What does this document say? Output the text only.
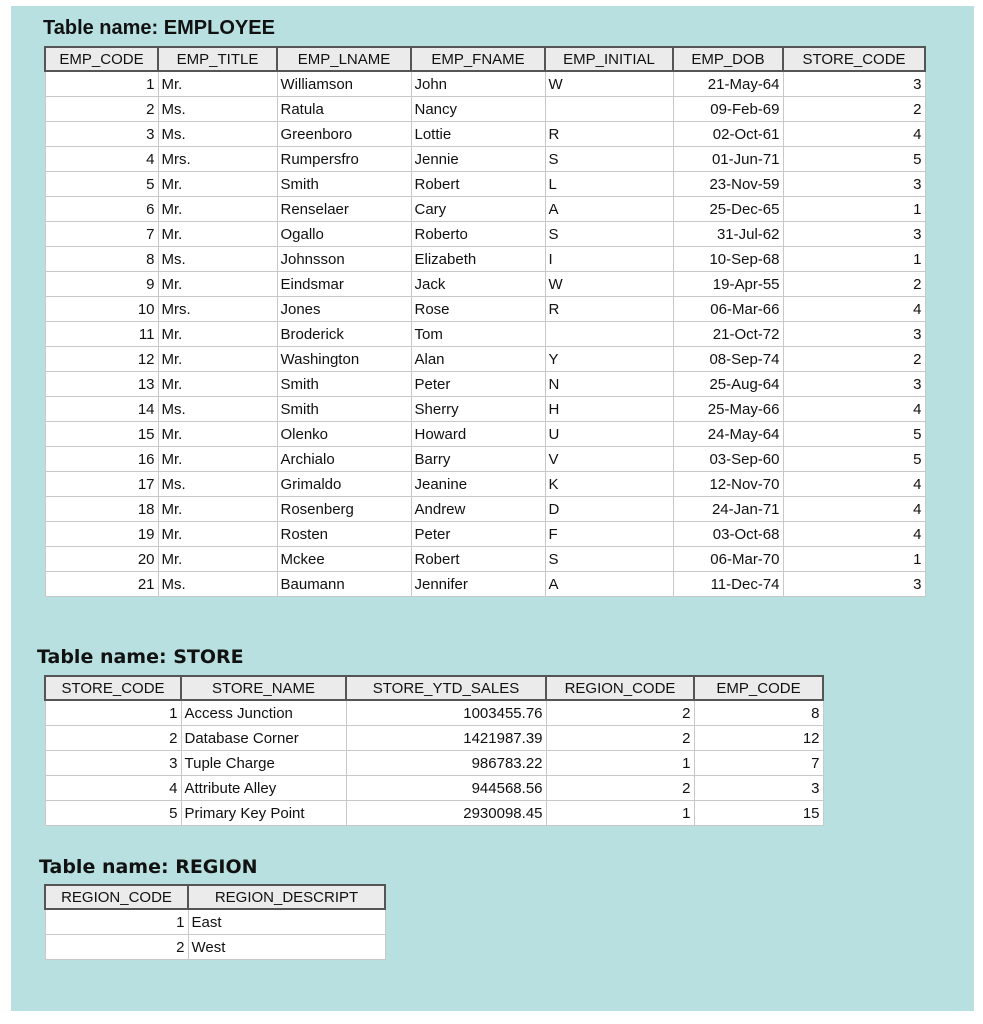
Table name: EMPLOYEE
EMP_CODE	EMP_TITLE	EMP_LNAME	EMP_FNAME	EMP_INITIAL	EMP_DOB	STORE_CODE
1	Mr.	Williamson	John	W	21-May-64	3
2	Ms.	Ratula	Nancy		09-Feb-69	2
3	Ms.	Greenboro	Lottie	R	02-Oct-61	4
4	Mrs.	Rumpersfro	Jennie	S	01-Jun-71	5
5	Mr.	Smith	Robert	L	23-Nov-59	3
6	Mr.	Renselaer	Cary	A	25-Dec-65	1
7	Mr.	Ogallo	Roberto	S	31-Jul-62	3
8	Ms.	Johnsson	Elizabeth	I	10-Sep-68	1
9	Mr.	Eindsmar	Jack	W	19-Apr-55	2
10	Mrs.	Jones	Rose	R	06-Mar-66	4
11	Mr.	Broderick	Tom		21-Oct-72	3
12	Mr.	Washington	Alan	Y	08-Sep-74	2
13	Mr.	Smith	Peter	N	25-Aug-64	3
14	Ms.	Smith	Sherry	H	25-May-66	4
15	Mr.	Olenko	Howard	U	24-May-64	5
16	Mr.	Archialo	Barry	V	03-Sep-60	5
17	Ms.	Grimaldo	Jeanine	K	12-Nov-70	4
18	Mr.	Rosenberg	Andrew	D	24-Jan-71	4
19	Mr.	Rosten	Peter	F	03-Oct-68	4
20	Mr.	Mckee	Robert	S	06-Mar-70	1
21	Ms.	Baumann	Jennifer	A	11-Dec-74	3
Table name: STORE
STORE_CODE	STORE_NAME	STORE_YTD_SALES	REGION_CODE	EMP_CODE
1	Access Junction	1003455.76	2	8
2	Database Corner	1421987.39	2	12
3	Tuple Charge	986783.22	1	7
4	Attribute Alley	944568.56	2	3
5	Primary Key Point	2930098.45	1	15
Table name: REGION
REGION_CODE	REGION_DESCRIPT
1	East
2	West
